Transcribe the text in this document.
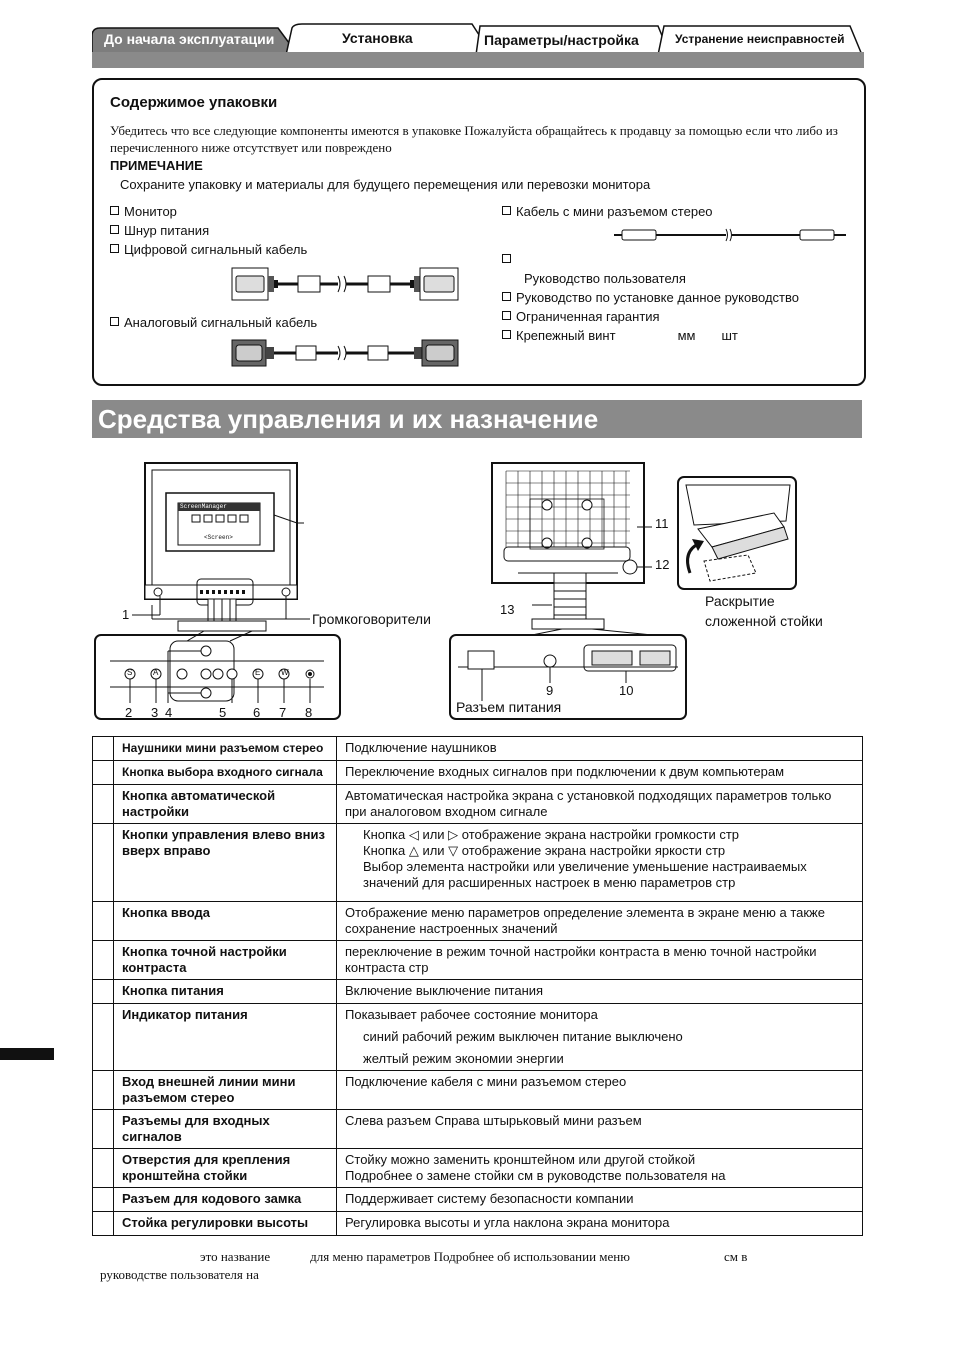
До начала эксплуатации	Установка	Параметры/настройка	Устранение неисправностей
Содержимое упаковки
Убедитесь что все следующие компоненты имеются в упаковке Пожалуйста обращайтесь к продавцу за помощью если что либо из перечисленного ниже отсутствует или повреждено
ПРИМЕЧАНИЕ
Сохраните упаковку и материалы для будущего перемещения или перевозки монитора
Монитор
Шнур питания
Цифровой сигнальный кабель
Аналоговый сигнальный кабель
Кабель с мини разъемом стерео
Руководство пользователя
Руководство по установке данное руководство
Ограниченная гарантия
Крепежный винт	мм шт
Средства управления и их назначение
1	Громкоговорители
2 3 4	5 6 7 8
9	10
11
12
13
Разъем питания
Раскрытие
сложенной стойки
ScreenManager
<Screen>
S	A	E	W
	Наушники мини разъемом стерео	Подключение наушников

	Кнопка выбора входного сигнала	Переключение входных сигналов при подключении к двум компьютерам

	Кнопка автоматической настройки	Автоматическая настройка экрана с установкой подходящих параметров только при аналоговом входном сигнале

	Кнопки управления влево вниз вверх вправо	Кнопка ◁ или ▷ отображение экрана настройки громкости стр
Кнопка △ или ▽ отображение экрана настройки яркости стр
Выбор элемента настройки или увеличение уменьшение настраиваемых значений для расширенных настроек в меню параметров стр

	Кнопка ввода	Отображение меню параметров определение элемента в экране меню а также сохранение настроенных значений

	Кнопка точной настройки контраста	переключение в режим точной настройки контраста в меню точной настройки контраста стр

	Кнопка питания	Включение выключение питания

	Индикатор питания	Показывает рабочее состояние монитора
синий рабочий режим выключен питание выключено
желтый режим экономии энергии

	Вход внешней линии мини разъемом стерео	Подключение кабеля с мини разъемом стерео

	Разъемы для входных сигналов	Слева разъем Справа штырьковый мини разъем

	Отверстия для крепления кронштейна стойки	Стойку можно заменить кронштейном или другой стойкой
Подробнее о замене стойки см в руководстве пользователя на

	Разъем для кодового замка	Поддерживает систему безопасности компании

	Стойка регулировки высоты	Регулировка высоты и угла наклона экрана монитора
это название	для меню параметров Подробнее об использовании меню	см в
руководстве пользователя на
